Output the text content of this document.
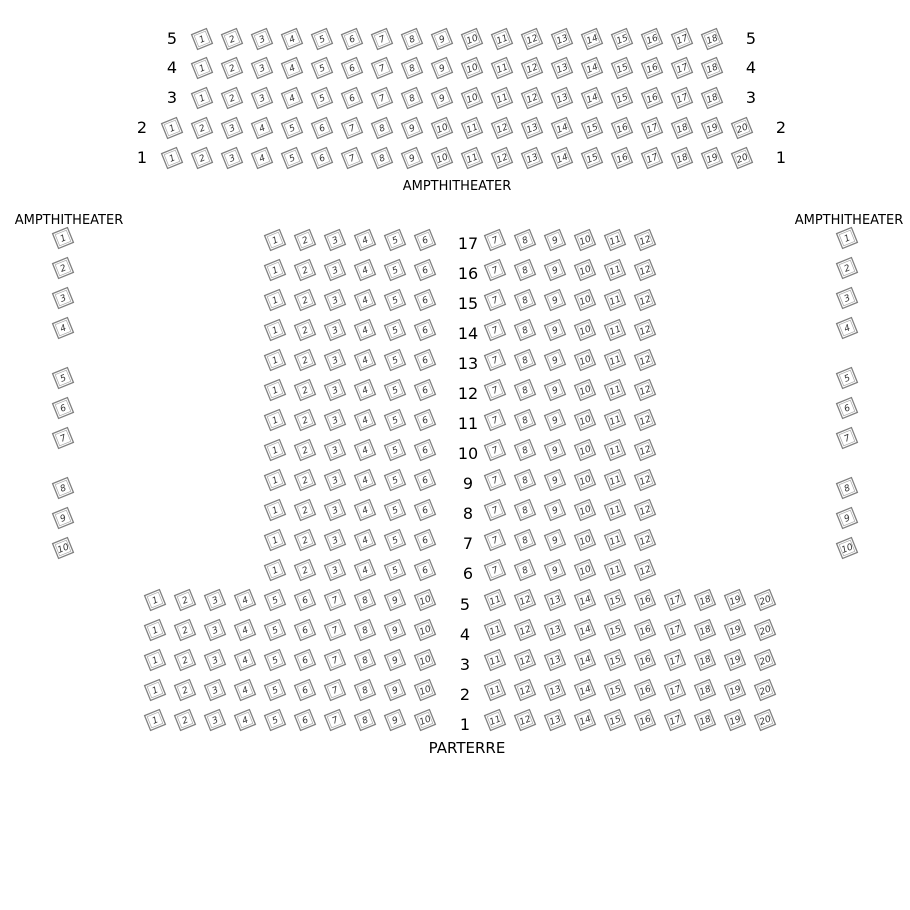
1 2 3 4 5 6 7 8 9 10 11 12 13 14 15 16 17 18
1 2 3 4 5 6 7 8 9 10 11 12 13 14 15 16 17 18
1 2 3 4 5 6 7 8 9 10 11 12 13 14 15 16 17 18
1 2 3 4 5 6 7 8 9 10 11 12 13 14 15 16 17 18 19 20
1 2 3 4 5 6 7 8 9 10 11 12 13 14 15 16 17 18 19 20
1	1
2	2
3	3
4	4
5	5
6	6
7	7
8	8
9	9
10	10
1 2 3 4 5 6	7 8 9 10 11 12
1 2 3 4 5 6	7 8 9 10 11 12
1 2 3 4 5 6	7 8 9 10 11 12
1 2 3 4 5 6	7 8 9 10 11 12
1 2 3 4 5 6	7 8 9 10 11 12
1 2 3 4 5 6	7 8 9 10 11 12
1 2 3 4 5 6	7 8 9 10 11 12
1 2 3 4 5 6	7 8 9 10 11 12
1 2 3 4 5 6	7 8 9 10 11 12
1 2 3 4 5 6	7 8 9 10 11 12
1 2 3 4 5 6	7 8 9 10 11 12
1 2 3 4 5 6	7 8 9 10 11 12
1 2 3 4 5 6 7 8 9 10	11 12 13 14 15 16 17 18 19 20
1 2 3 4 5 6 7 8 9 10	11 12 13 14 15 16 17 18 19 20
1 2 3 4 5 6 7 8 9 10	11 12 13 14 15 16 17 18 19 20
1 2 3 4 5 6 7 8 9 10	11 12 13 14 15 16 17 18 19 20
1 2 3 4 5 6 7 8 9 10	11 12 13 14 15 16 17 18 19 20
AMPTHITHEATER
AMPTHITHEATER	AMPTHITHEATER
PARTERRE
5	5
4	4
3	3
2	2
1	1
17
16
15
14
13
12
11
10
9
8
7
6
5
4
3
2
1
